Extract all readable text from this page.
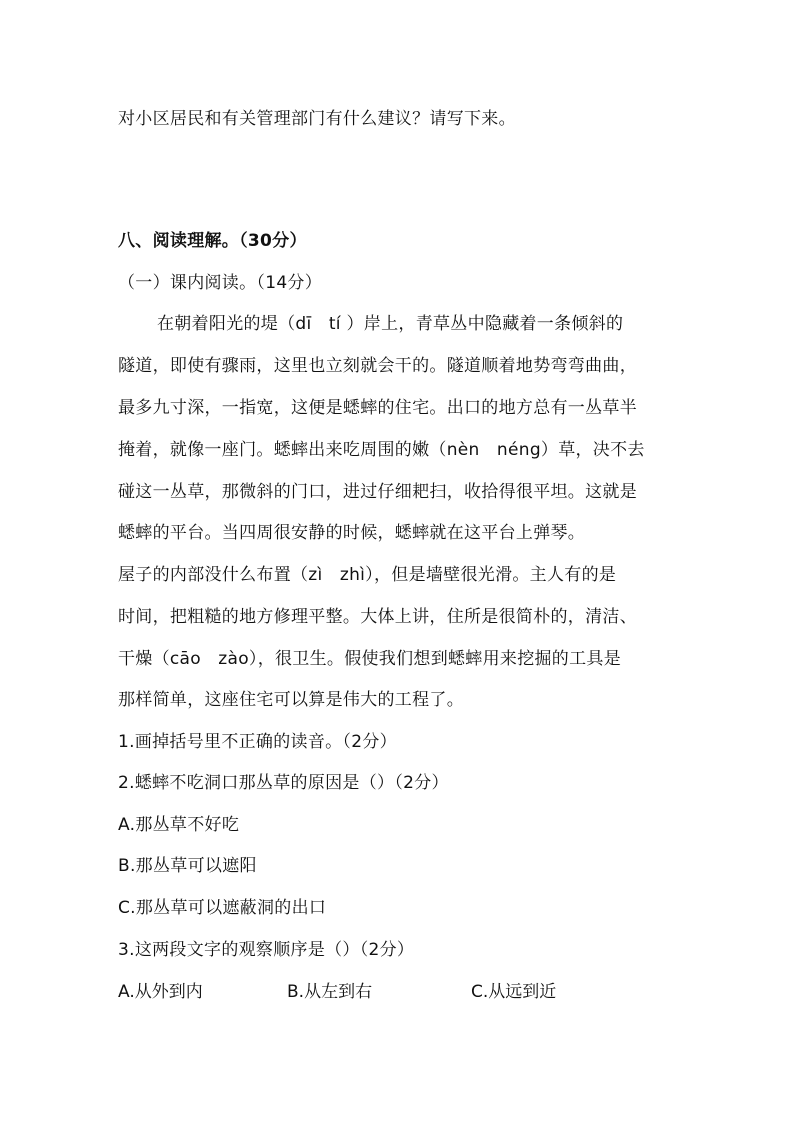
对小区居民和有关管理部门有什么建议？请写下来。
八、阅读理解。（30分）
（一）课内阅读。（14分）
在朝着阳光的堤（dī　tí ）岸上，青草丛中隐藏着一条倾斜的
隧道，即使有骤雨，这里也立刻就会干的。隧道顺着地势弯弯曲曲，
最多九寸深，一指宽，这便是蟋蟀的住宅。出口的地方总有一丛草半
掩着，就像一座门。蟋蟀出来吃周围的嫩（nèn　néng）草，决不去
碰这一丛草，那微斜的门口，进过仔细耙扫，收拾得很平坦。这就是
蟋蟀的平台。当四周很安静的时候，蟋蟀就在这平台上弹琴。
屋子的内部没什么布置（zì　zhì），但是墙壁很光滑。主人有的是
时间，把粗糙的地方修理平整。大体上讲，住所是很简朴的，清洁、
干燥（cāo　zào），很卫生。假使我们想到蟋蟀用来挖掘的工具是
那样简单，这座住宅可以算是伟大的工程了。
1.画掉括号里不正确的读音。（2分）
2.蟋蟀不吃洞口那丛草的原因是（）（2分）
A.那丛草不好吃
B.那丛草可以遮阳
C.那丛草可以遮蔽洞的出口
3.这两段文字的观察顺序是（）（2分）
A.从外到内	B.从左到右	C.从远到近
